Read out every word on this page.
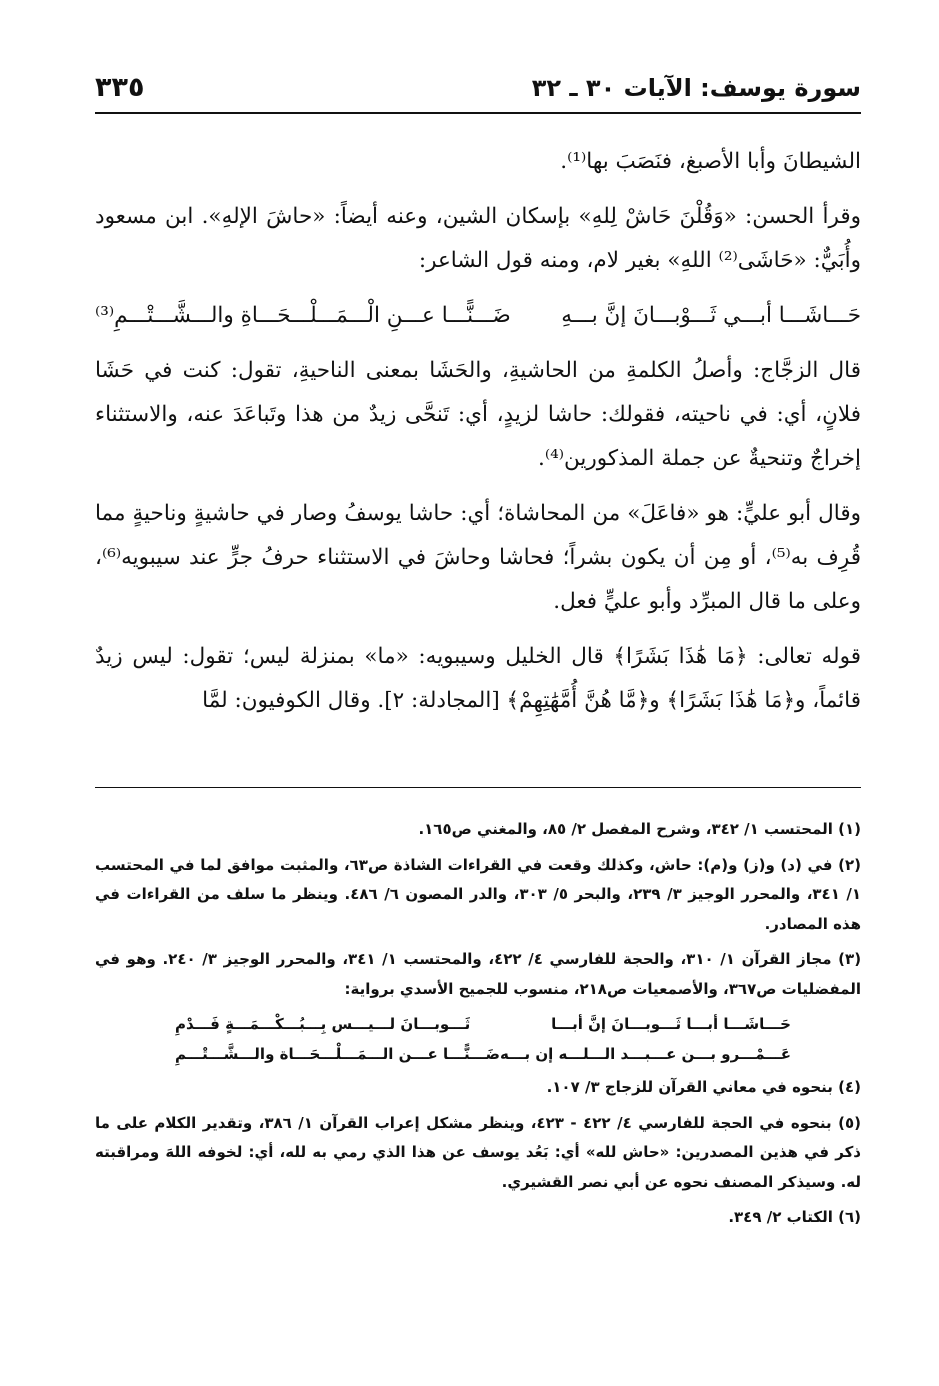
سورة يوسف: الآيات ٣٠ ـ ٣٢
٣٣٥

الشيطانَ وأبا الأصبغ، فنَصَبَ بها⁽¹⁾.

وقرأ الحسن: «وَقُلْنَ حَاشْ لِلهِ» بإسكان الشين، وعنه أيضاً: «حاشَ الإلهِ». ابن مسعود وأُبَيٌّ: «حَاشَى⁽²⁾ اللهِ» بغير لام، ومنه قول الشاعر:

حَـــاشَـــا أبـــي ثَـــوْبـــانَ إنَّ بـــهِ
ضَـــنًّـــا عـــنِ الْـــمَـــلْـــحَـــاةِ والـــشَّـــتْـــمِ⁽³⁾

قال الزجَّاج: وأصلُ الكلمةِ من الحاشيةِ، والحَشَا بمعنى الناحيةِ، تقول: كنت في حَشَا فلانٍ، أي: في ناحيته، فقولك: حاشا لزيدٍ، أي: تَنحَّى زيدٌ من هذا وتَباعَدَ عنه، والاستثناء إخراجٌ وتنحيةٌ عن جملة المذكورين⁽⁴⁾.

وقال أبو عليٍّ: هو «فاعَلَ» من المحاشاة؛ أي: حاشا يوسفُ وصار في حاشيةٍ وناحيةٍ مما قُرِف به⁽⁵⁾، أو مِن أن يكون بشراً؛ فحاشا وحاشَ في الاستثناء حرفُ جرٍّ عند سيبويه⁽⁶⁾، وعلى ما قال المبرِّد وأبو عليٍّ فعل.

قوله تعالى: ﴿مَا هَٰذَا بَشَرًا﴾ قال الخليل وسيبويه: «ما» بمنزلة ليس؛ تقول: ليس زيدٌ قائماً، و﴿مَا هَٰذَا بَشَرًا﴾ و﴿مَّا هُنَّ أُمَّهَٰتِهِمْ﴾ [المجادلة: ٢]. وقال الكوفيون: لمَّا

(١) المحتسب ١/ ٣٤٢، وشرح المفصل ٢/ ٨٥، والمغني ص١٦٥.

(٢) في (د) و(ز) و(م): حاش، وكذلك وقعت في القراءات الشاذة ص٦٣، والمثبت موافق لما في المحتسب ١/ ٣٤١، والمحرر الوجيز ٣/ ٢٣٩، والبحر ٥/ ٣٠٣، والدر المصون ٦/ ٤٨٦. وينظر ما سلف من القراءات في هذه المصادر.

(٣) مجاز القرآن ١/ ٣١٠، والحجة للفارسي ٤/ ٤٢٢، والمحتسب ١/ ٣٤١، والمحرر الوجيز ٣/ ٢٤٠. وهو في المفضليات ص٣٦٧، والأصمعيات ص٢١٨، منسوب للجميح الأسدي برواية:

حَـــاشَـــا أبـــا ثَـــوبـــانَ إنَّ أبـــا
ثَـــوبـــانَ لـــيـــس بِـــبُـــكْـــمَـــةٍ فَـــدْمِ
عَـــمْـــرو بـــن عـــبـــد الـــلـــه إن بـــه
ضَـــنًّـــا عـــن الـــمَـــلْـــحَـــاة والـــشَّـــتْـــمِ

(٤) بنحوه في معاني القرآن للزجاج ٣/ ١٠٧.

(٥) بنحوه في الحجة للفارسي ٤/ ٤٢٢ - ٤٢٣، وينظر مشكل إعراب القرآن ١/ ٣٨٦، وتقدير الكلام على ما ذكر في هذين المصدرين: «حاش لله» أي: بَعُد يوسف عن هذا الذي رمي به لله، أي: لخوفه اللهَ ومراقبته له. وسيذكر المصنف نحوه عن أبي نصر القشيري.

(٦) الكتاب ٢/ ٣٤٩.
